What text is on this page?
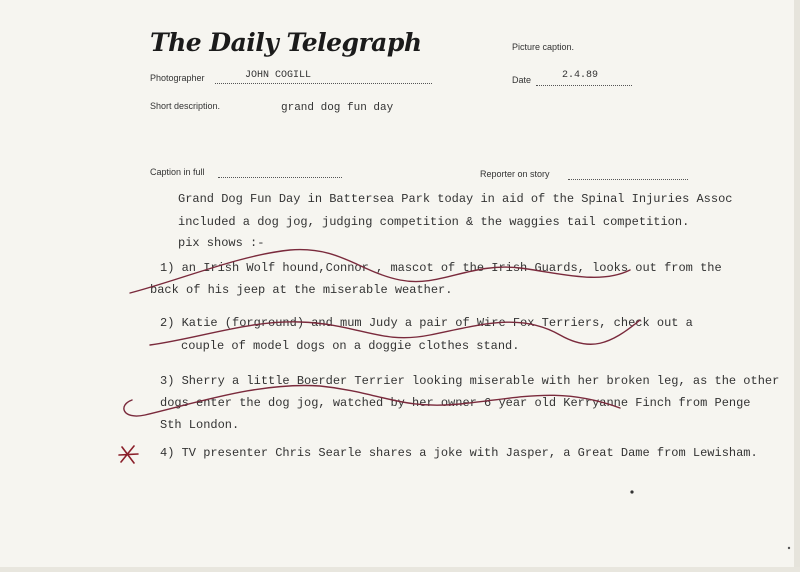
The Daily Telegraph	Picture caption.
Photographer	JOHN COGILL	Date	2.4.89
Short description.	grand dog fun day
Caption in full	Reporter on story
Grand Dog Fun Day in Battersea Park today in aid of the Spinal Injuries Assoc
included a dog jog, judging competition & the waggies tail competition.
pix shows :-
1) an Irish Wolf hound,Connor , mascot of the Irish Guards, looks out from the
back of his jeep at the miserable weather.
2) Katie (forground) and mum Judy a pair of Wire Fox Terriers, check out a
couple of model dogs on a doggie clothes stand.
3) Sherry a little Boerder Terrier looking miserable with her broken leg, as the other
dogs enter the dog jog, watched by her owner 6 year old Kerryanne Finch from Penge
Sth London.
4) TV presenter Chris Searle shares a joke with Jasper, a Great Dame from Lewisham.
